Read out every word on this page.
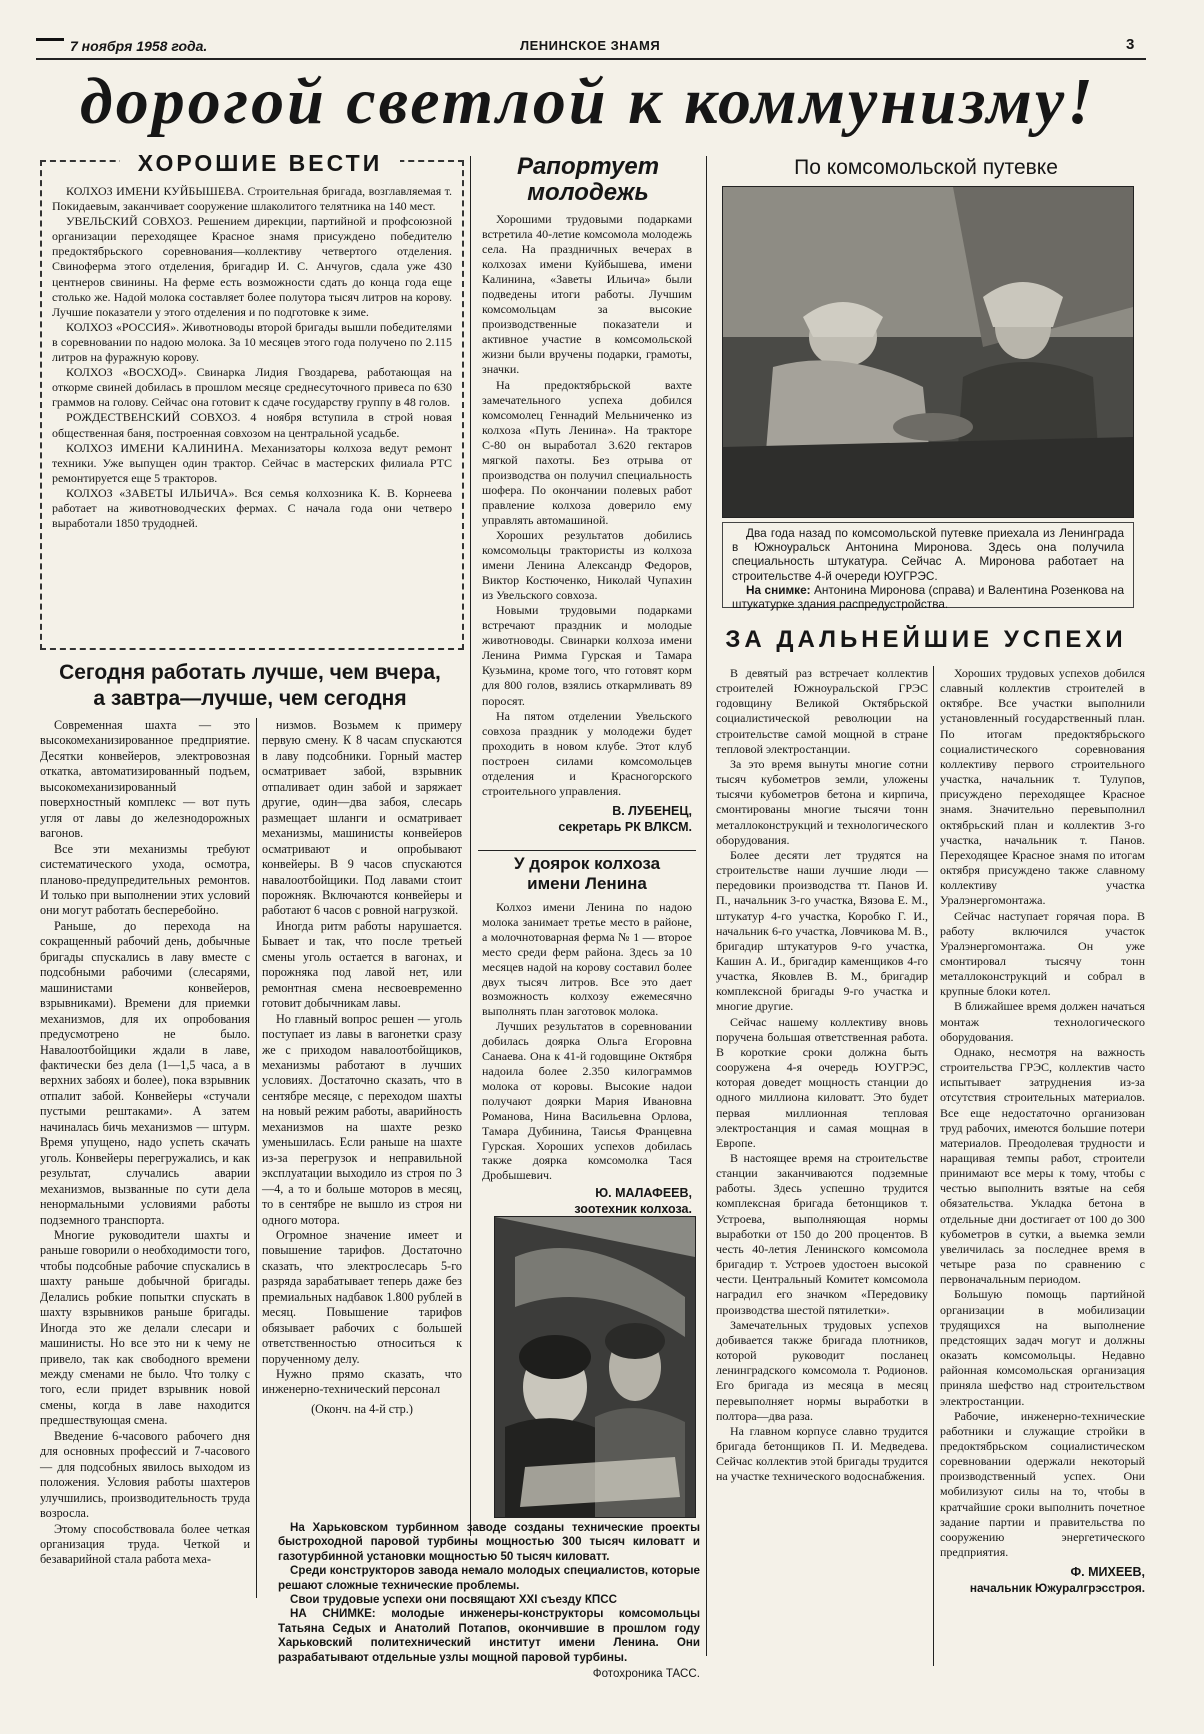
7 ноября 1958 года.	ЛЕНИНСКОЕ ЗНАМЯ	3
дорогой светлой к коммунизму!
ХОРОШИЕ ВЕСТИ

КОЛХОЗ ИМЕНИ КУЙБЫШЕВА. Строительная бригада, возглавляемая т. Покидаевым, заканчивает сооружение шлаколитого телятника на 140 мест.

УВЕЛЬСКИЙ СОВХОЗ. Решением дирекции, партийной и профсоюзной организации переходящее Красное знамя присуждено победителю предоктябрьского соревнования—коллективу четвертого отделения. Свиноферма этого отделения, бригадир И. С. Анчугов, сдала уже 430 центнеров свинины. На ферме есть возможности сдать до конца года еще столько же. Надой молока составляет более полутора тысяч литров на корову. Лучшие показатели у этого отделения и по подготовке к зиме.

КОЛХОЗ «РОССИЯ». Животноводы второй бригады вышли победителями в соревновании по надою молока. За 10 месяцев этого года получено по 2.115 литров на фуражную корову.

КОЛХОЗ «ВОСХОД». Свинарка Лидия Гвоздарева, работающая на откорме свиней добилась в прошлом месяце среднесуточного привеса по 630 граммов на голову. Сейчас она готовит к сдаче государству группу в 48 голов.

РОЖДЕСТВЕНСКИЙ СОВХОЗ. 4 ноября вступила в строй новая общественная баня, построенная совхозом на центральной усадьбе.

КОЛХОЗ ИМЕНИ КАЛИНИНА. Механизаторы колхоза ведут ремонт техники. Уже выпущен один трактор. Сейчас в мастерских филиала РТС ремонтируется еще 5 тракторов.

КОЛХОЗ «ЗАВЕТЫ ИЛЬИЧА». Вся семья колхозника К. В. Корнеева работает на животноводческих фермах. С начала года они четверо выработали 1850 трудодней.

Сегодня работать лучше, чем вчера,
а завтра—лучше, чем сегодня

Современная шахта — это высокомеханизированное предприятие. Десятки конвейеров, электровозная откатка, автоматизированный подъем, высокомеханизированный поверхностный комплекс — вот путь угля от лавы до железнодорожных вагонов.

Все эти механизмы требуют систематического ухода, осмотра, планово-предупредительных ремонтов. И только при выполнении этих условий они могут работать бесперебойно.

Раньше, до перехода на сокращенный рабочий день, добычные бригады спускались в лаву вместе с подсобными рабочими (слесарями, машинистами конвейеров, взрывниками). Времени для приемки механизмов, для их опробования предусмотрено не было. Навалоотбойщики ждали в лаве, фактически без дела (1—1,5 часа, а в верхних забоях и более), пока взрывник отпалит забой. Конвейеры «стучали пустыми рештаками». А затем начиналась бичь механизмов — штурм. Время упущено, надо успеть скачать уголь. Конвейеры перегружались, и как результат, случались аварии механизмов, вызванные по сути дела ненормальными условиями работы подземного транспорта.

Многие руководители шахты и раньше говорили о необходимости того, чтобы подсобные рабочие спускались в шахту раньше добычной бригады. Делались робкие попытки спускать в шахту взрывников раньше бригады. Иногда это же делали слесари и машинисты. Но все это ни к чему не привело, так как свободного времени между сменами не было. Что толку с того, если придет взрывник новой смены, когда в лаве находится предшествующая смена.

Введение 6-часового рабочего дня для основных профессий и 7-часового — для подсобных явилось выходом из положения. Условия работы шахтеров улучшились, производительность труда возросла.

Этому способствовала более четкая организация труда. Четкой и безаварийной стала работа меха-

низмов. Возьмем к примеру первую смену. К 8 часам спускаются в лаву подсобники. Горный мастер осматривает забой, взрывник отпаливает один забой и заряжает другие, один—два забоя, слесарь размещает шланги и осматривает механизмы, машинисты конвейеров осматривают и опробывают конвейеры. В 9 часов спускаются навалоотбойщики. Под лавами стоит порожняк. Включаются конвейеры и работают 6 часов с ровной нагрузкой.

Иногда ритм работы нарушается. Бывает и так, что после третьей смены уголь остается в вагонах, и порожняка под лавой нет, или ремонтная смена несвоевременно готовит добычникам лавы.

Но главный вопрос решен — уголь поступает из лавы в вагонетки сразу же с приходом навалоотбойщиков, механизмы работают в лучших условиях. Достаточно сказать, что в сентябре месяце, с переходом шахты на новый режим работы, аварийность механизмов на шахте резко уменьшилась. Если раньше на шахте из-за перегрузок и неправильной эксплуатации выходило из строя по 3—4, а то и больше моторов в месяц, то в сентябре не вышло из строя ни одного мотора.

Огромное значение имеет и повышение тарифов. Достаточно сказать, что электрослесарь 5-го разряда зарабатывает теперь даже без премиальных надбавок 1.800 рублей в месяц. Повышение тарифов обязывает рабочих с большей ответственностью относиться к порученному делу.

Нужно прямо сказать, что инженерно-технический персонал

(Оконч. на 4-й стр.)
Рапортует
молодежь

Хорошими трудовыми подарками встретила 40-летие комсомола молодежь села. На праздничных вечерах в колхозах имени Куйбышева, имени Калинина, «Заветы Ильича» были подведены итоги работы. Лучшим комсомольцам за высокие производственные показатели и активное участие в комсомольской жизни были вручены подарки, грамоты, значки.

На предоктябрьской вахте замечательного успеха добился комсомолец Геннадий Мельниченко из колхоза «Путь Ленина». На тракторе С-80 он выработал 3.620 гектаров мягкой пахоты. Без отрыва от производства он получил специальность шофера. По окончании полевых работ правление колхоза доверило ему управлять автомашиной.

Хороших результатов добились комсомольцы трактористы из колхоза имени Ленина Александр Федоров, Виктор Костюченко, Николай Чупахин из Увельского совхоза.

Новыми трудовыми подарками встречают праздник и молодые животноводы. Свинарки колхоза имени Ленина Римма Гурская и Тамара Кузьмина, кроме того, что готовят корм для 800 голов, взялись откармливать 89 поросят.

На пятом отделении Увельского совхоза праздник у молодежи будет проходить в новом клубе. Этот клуб построен силами комсомольцев отделения и Красногорского строительного управления.

В. ЛУБЕНЕЦ,
секретарь РК ВЛКСМ.
У доярок колхоза
имени Ленина

Колхоз имени Ленина по надою молока занимает третье место в районе, а молочнотоварная ферма № 1 — второе место среди ферм района. Здесь за 10 месяцев надой на корову составил более двух тысяч литров. Все это дает возможность колхозу ежемесячно выполнять план заготовок молока.

Лучших результатов в соревновании добилась доярка Ольга Егоровна Санаева. Она к 41-й годовщине Октября надоила более 2.350 килограммов молока от коровы. Высокие надои получают доярки Мария Ивановна Романова, Нина Васильевна Орлова, Тамара Дубинина, Таисья Францевна Гурская. Хороших успехов добилась также доярка комсомолка Тася Дробышевич.

Ю. МАЛАФЕЕВ,
зоотехник колхоза.

На Харьковском турбинном заводе созданы технические проекты быстроходной паровой турбины мощностью 300 тысяч киловатт и газотурбинной установки мощностью 50 тысяч киловатт.

Среди конструкторов завода немало молодых специалистов, которые решают сложные технические проблемы.

Свои трудовые успехи они посвящают XXI съезду КПСС

НА СНИМКЕ: молодые инженеры-конструкторы комсомольцы Татьяна Седых и Анатолий Потапов, окончившие в прошлом году Харьковский политехнический институт имени Ленина. Они разрабатывают отдельные узлы мощной паровой турбины.

Фотохроника ТАСС.
По комсомольской путевке

Два года назад по комсомольской путевке приехала из Ленинграда в Южноуральск Антонина Миронова. Здесь она получила специальность штукатура. Сейчас А. Миронова работает на строительстве 4-й очереди ЮУГРЭС.

На снимке: Антонина Миронова (справа) и Валентина Розенкова на штукатурке здания распредустройства.

ЗА ДАЛЬНЕЙШИЕ УСПЕХИ

В девятый раз встречает коллектив строителей Южноуральской ГРЭС годовщину Великой Октябрьской социалистической революции на строительстве самой мощной в стране тепловой электростанции.

За это время вынуты многие сотни тысяч кубометров земли, уложены тысячи кубометров бетона и кирпича, смонтированы многие тысячи тонн металлоконструкций и технологического оборудования.

Более десяти лет трудятся на строительстве наши лучшие люди — передовики производства тт. Панов И. П., начальник 3-го участка, Вязова Е. М., штукатур 4-го участка, Коробко Г. И., начальник 6-го участка, Ловчикова М. В., бригадир штукатуров 9-го участка, Кашин А. И., бригадир каменщиков 4-го участка, Яковлев В. М., бригадир комплексной бригады 9-го участка и многие другие.

Сейчас нашему коллективу вновь поручена большая ответственная работа. В короткие сроки должна быть сооружена 4-я очередь ЮУГРЭС, которая доведет мощность станции до одного миллиона киловатт. Это будет первая миллионная тепловая электростанция и самая мощная в Европе.

В настоящее время на строительстве станции заканчиваются подземные работы. Здесь успешно трудится комплексная бригада бетонщиков т. Устроева, выполняющая нормы выработки от 150 до 200 процентов. В честь 40-летия Ленинского комсомола бригадир т. Устроев удостоен высокой чести. Центральный Комитет комсомола наградил его значком «Передовику производства шестой пятилетки».

Замечательных трудовых успехов добивается также бригада плотников, которой руководит посланец ленинградского комсомола т. Родионов. Его бригада из месяца в месяц перевыполняет нормы выработки в полтора—два раза.

На главном корпусе славно трудится бригада бетонщиков П. И. Медведева. Сейчас коллектив этой бригады трудится на участке технического водоснабжения.

Хороших трудовых успехов добился славный коллектив строителей в октябре. Все участки выполнили установленный государственный план. По итогам предоктябрьского социалистического соревнования коллективу первого строительного участка, начальник т. Тулупов, присуждено переходящее Красное знамя. Значительно перевыполнил октябрьский план и коллектив 3-го участка, начальник т. Панов. Переходящее Красное знамя по итогам октября присуждено также славному коллективу участка Уралэнергомонтажа.

Сейчас наступает горячая пора. В работу включился участок Уралэнергомонтажа. Он уже смонтировал тысячу тонн металлоконструкций и собрал в крупные блоки котел.

В ближайшее время должен начаться монтаж технологического оборудования.

Однако, несмотря на важность строительства ГРЭС, коллектив часто испытывает затруднения из-за отсутствия строительных материалов. Все еще недостаточно организован труд рабочих, имеются большие потери материалов. Преодолевая трудности и наращивая темпы работ, строители принимают все меры к тому, чтобы с честью выполнить взятые на себя обязательства. Укладка бетона в отдельные дни достигает от 100 до 300 кубометров в сутки, а выемка земли увеличилась за последнее время в четыре раза по сравнению с первоначальным периодом.

Большую помощь партийной организации в мобилизации трудящихся на выполнение предстоящих задач могут и должны оказать комсомольцы. Недавно районная комсомольская организация приняла шефство над строительством электростанции.

Рабочие, инженерно-технические работники и служащие стройки в предоктябрьском социалистическом соревновании одержали некоторый производственный успех. Они мобилизуют силы на то, чтобы в кратчайшие сроки выполнить почетное задание партии и правительства по сооружению энергетического предприятия.

Ф. МИХЕЕВ,
начальник Южуралгрэсстроя.
